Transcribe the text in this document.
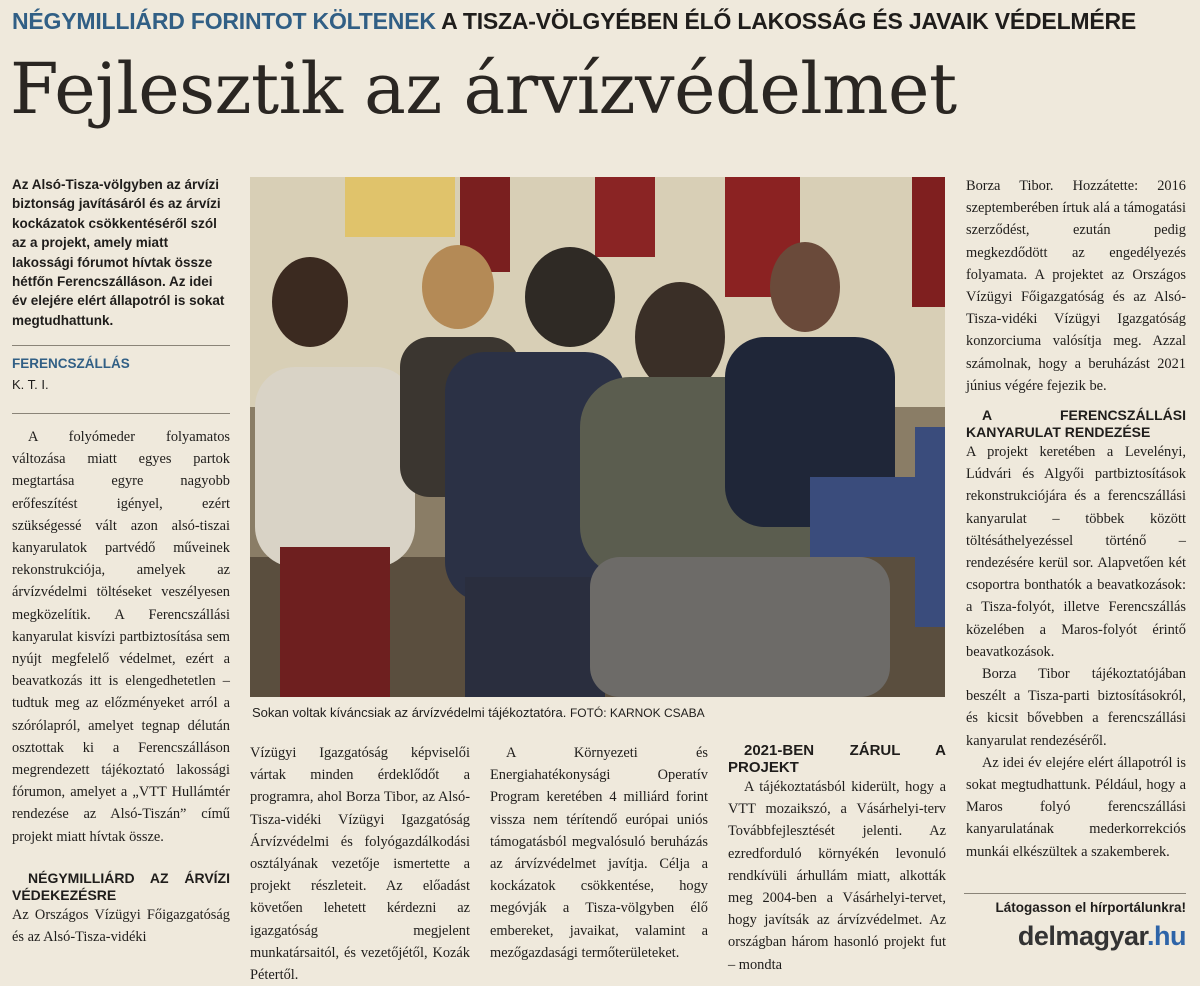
NÉGYMILLIÁRD FORINTOT KÖLTENEK A TISZA-VÖLGYÉBEN ÉLŐ LAKOSSÁG ÉS JAVAIK VÉDELMÉRE
Fejlesztik az árvízvédelmet
Az Alsó-Tisza-völgyben az árvízi biztonság javításáról és az árvízi kockázatok csökkentéséről szól az a projekt, amely miatt lakossági fórumot hívtak össze hétfőn Ferencszálláson. Az idei év elejére elért állapotról is sokat megtudhattunk.
FERENCSZÁLLÁS
K. T. I.

A folyómeder folyamatos változása miatt egyes partok megtartása egyre nagyobb erőfeszítést igényel, ezért szükségessé vált azon alsó-tiszai kanyarulatok partvédő műveinek rekonstrukciója, amelyek az árvízvédelmi töltéseket veszélyesen megközelítik. A Ferencszállási kanyarulat kisvízi partbiztosítása sem nyújt megfelelő védelmet, ezért a beavatkozás itt is elengedhetetlen – tudtuk meg az előzményeket arról a szórólapról, amelyet tegnap délután osztottak ki a Ferencszálláson megrendezett tájékoztató lakossági fórumon, amelyet a „VTT Hullámtér rendezése az Alsó-Tiszán” című projekt miatt hívtak össze.

NÉGYMILLIÁRD AZ ÁRVÍZI VÉDEKEZÉSRE

Az Országos Vízügyi Főigazgatóság és az Alsó-Tisza-vidéki

Sokan voltak kíváncsiak az árvízvédelmi tájékoztatóra. FOTÓ: KARNOK CSABA

Vízügyi Igazgatóság képviselői vártak minden érdeklődőt a programra, ahol Borza Tibor, az Alsó-Tisza-vidéki Vízügyi Igazgatóság Árvízvédelmi és folyógazdálkodási osztályának vezetője ismertette a projekt részleteit. Az előadást követően lehetett kérdezni az igazgatóság megjelent munkatársaitól, és vezetőjétől, Kozák Pétertől.

A Környezeti és Energiahatékonysági Operatív Program keretében 4 milliárd forint vissza nem térítendő európai uniós támogatásból megvalósuló beruházás az árvízvédelmet javítja. Célja a kockázatok csökkentése, hogy megóvják a Tisza-völgyben élő embereket, javaikat, valamint a mezőgazdasági termőterületeket.

2021-BEN ZÁRUL A PROJEKT

A tájékoztatásból kiderült, hogy a VTT mozaikszó, a Vásárhelyi-terv Továbbfejlesztését jelenti. Az ezredforduló környékén levonuló rendkívüli árhullám miatt, alkották meg 2004-ben a Vásárhelyi-tervet, hogy javítsák az árvízvédelmet. Az országban három hasonló projekt fut – mondta

Borza Tibor. Hozzátette: 2016 szeptemberében írtuk alá a támogatási szerződést, ezután pedig megkezdődött az engedélyezés folyamata. A projektet az Országos Vízügyi Főigazgatóság és az Alsó-Tisza-vidéki Vízügyi Igazgatóság konzorciuma valósítja meg. Azzal számolnak, hogy a beruházást 2021 június végére fejezik be.

A FERENCSZÁLLÁSI KANYARULAT RENDEZÉSE

A projekt keretében a Levelényi, Lúdvári és Algyői partbiztosítások rekonstrukciójára és a ferencszállási kanyarulat – többek között töltésáthelyezéssel történő – rendezésére kerül sor. Alapvetően két csoportra bonthatók a beavatkozások: a Tisza-folyót, illetve Ferencszállás közelében a Maros-folyót érintő beavatkozások.

Borza Tibor tájékoztatójában beszélt a Tisza-parti biztosításokról, és kicsit bővebben a ferencszállási kanyarulat rendezéséről.

Az idei év elejére elért állapotról is sokat megtudhattunk. Például, hogy a Maros folyó ferencszállási kanyarulatának mederkorrekciós munkái elkészültek a szakemberek.

Látogasson el hírportálunkra!
delmagyar.hu
